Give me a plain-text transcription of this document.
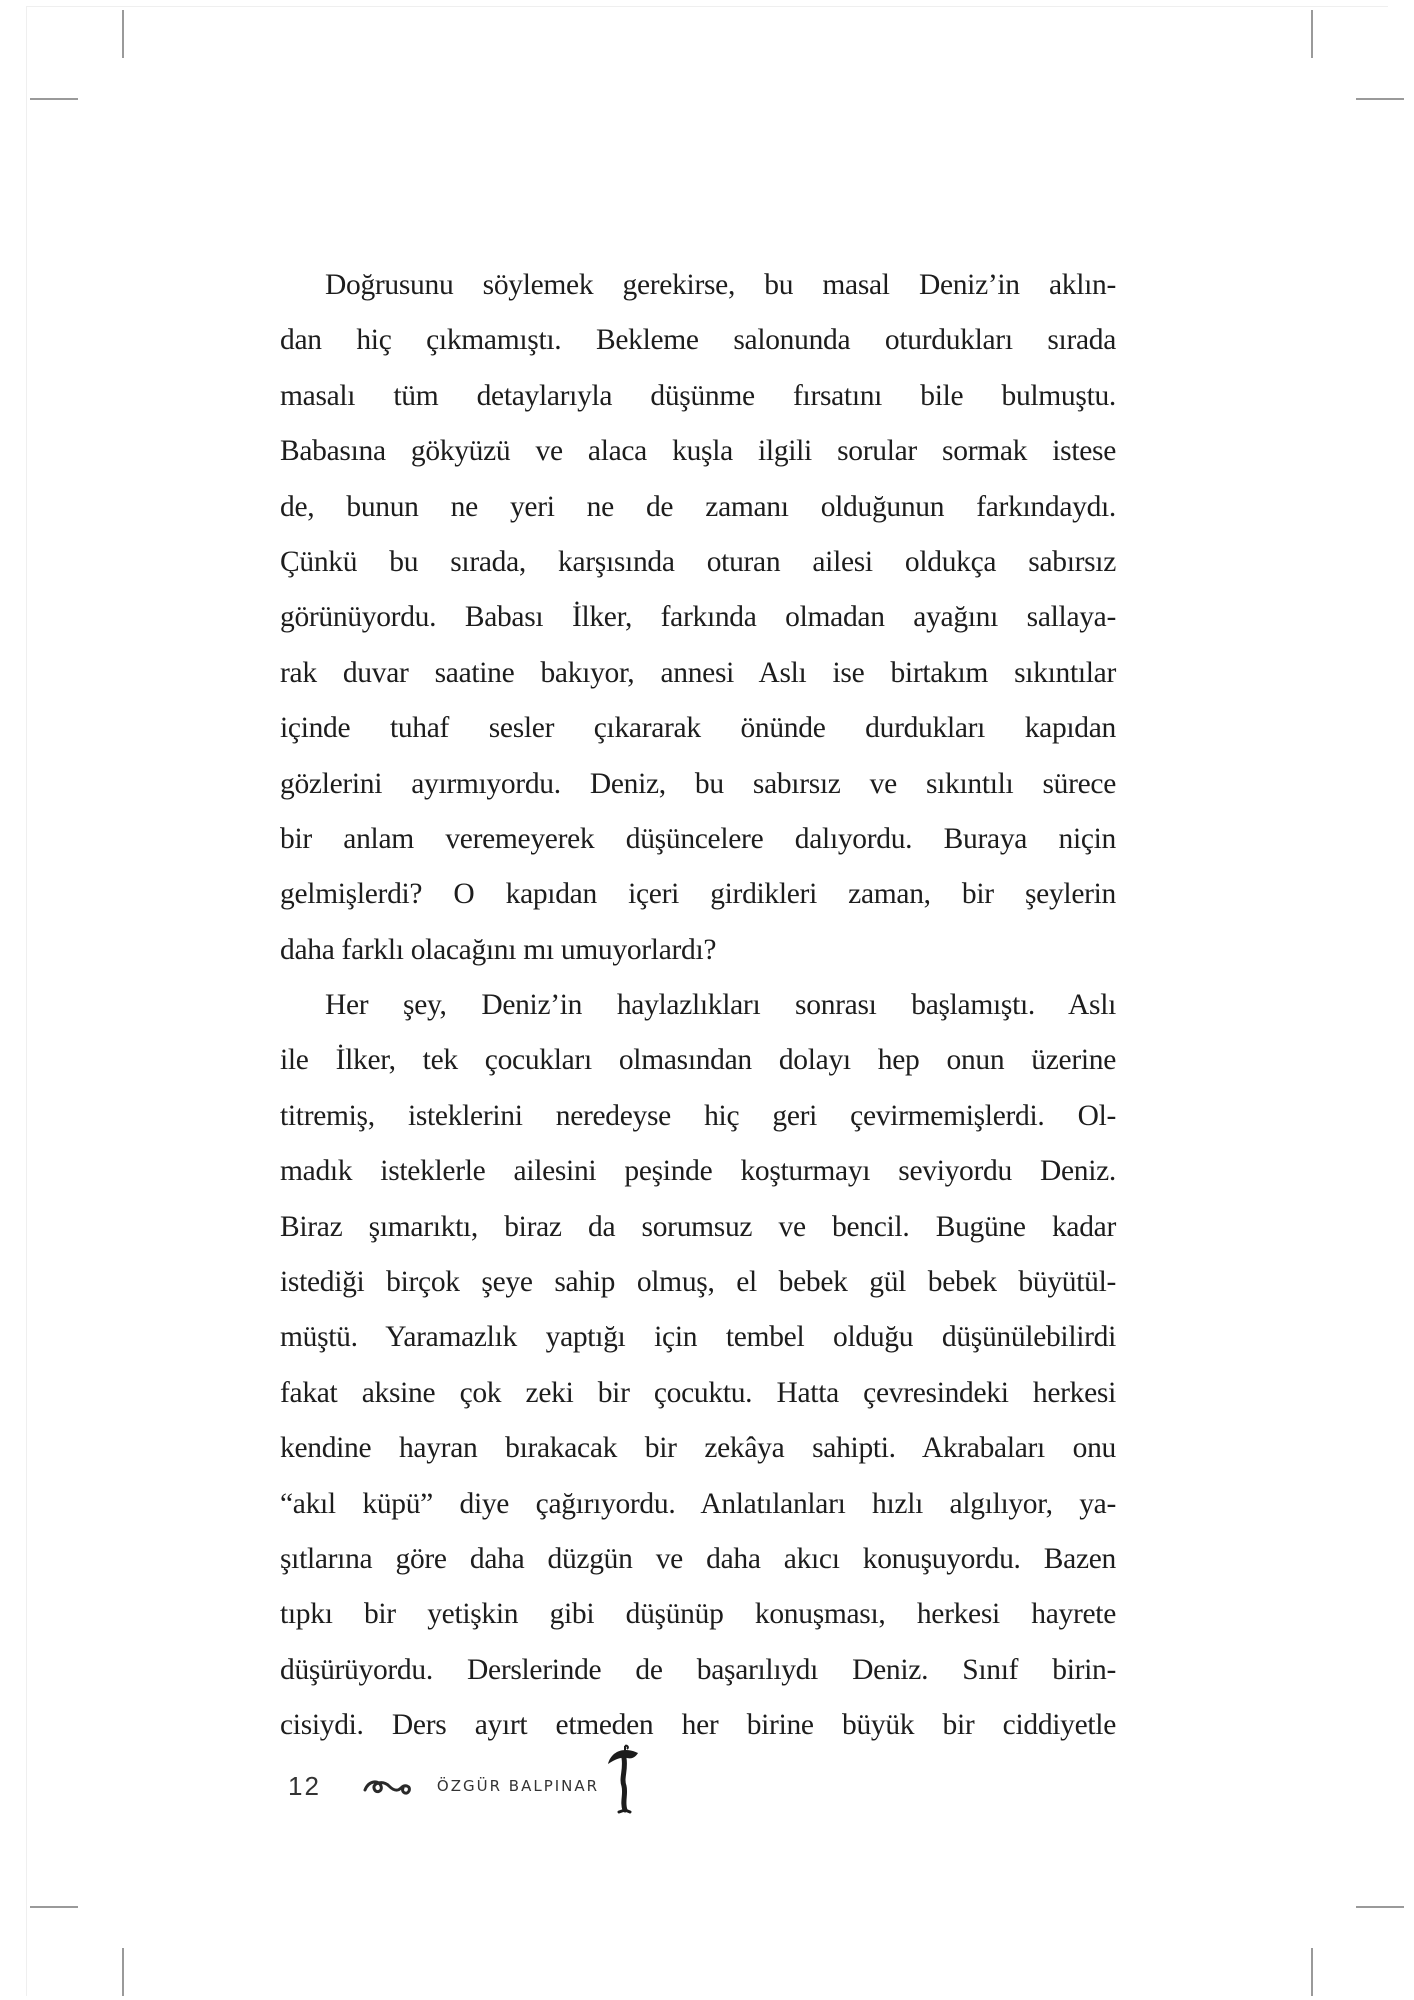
Doğrusunu söylemek gerekirse, bu masal Deniz’in aklın-
dan hiç çıkmamıştı. Bekleme salonunda oturdukları sırada
masalı tüm detaylarıyla düşünme fırsatını bile bulmuştu.
Babasına gökyüzü ve alaca kuşla ilgili sorular sormak istese
de, bunun ne yeri ne de zamanı olduğunun farkındaydı.
Çünkü bu sırada, karşısında oturan ailesi oldukça sabırsız
görünüyordu. Babası İlker, farkında olmadan ayağını sallaya-
rak duvar saatine bakıyor, annesi Aslı ise birtakım sıkıntılar
içinde tuhaf sesler çıkararak önünde durdukları kapıdan
gözlerini ayırmıyordu. Deniz, bu sabırsız ve sıkıntılı sürece
bir anlam veremeyerek düşüncelere dalıyordu. Buraya niçin
gelmişlerdi? O kapıdan içeri girdikleri zaman, bir şeylerin
daha farklı olacağını mı umuyorlardı?

Her şey, Deniz’in haylazlıkları sonrası başlamıştı. Aslı
ile İlker, tek çocukları olmasından dolayı hep onun üzerine
titremiş, isteklerini neredeyse hiç geri çevirmemişlerdi. Ol-
madık isteklerle ailesini peşinde koşturmayı seviyordu Deniz.
Biraz şımarıktı, biraz da sorumsuz ve bencil. Bugüne kadar
istediği birçok şeye sahip olmuş, el bebek gül bebek büyütül-
müştü. Yaramazlık yaptığı için tembel olduğu düşünülebilirdi
fakat aksine çok zeki bir çocuktu. Hatta çevresindeki herkesi
kendine hayran bırakacak bir zekâya sahipti. Akrabaları onu
“akıl küpü” diye çağırıyordu. Anlatılanları hızlı algılıyor, ya-
şıtlarına göre daha düzgün ve daha akıcı konuşuyordu. Bazen
tıpkı bir yetişkin gibi düşünüp konuşması, herkesi hayrete
düşürüyordu. Derslerinde de başarılıydı Deniz. Sınıf birin-
cisiydi. Ders ayırt etmeden her birine büyük bir ciddiyetle

12	ÖZGÜR BALPINAR
